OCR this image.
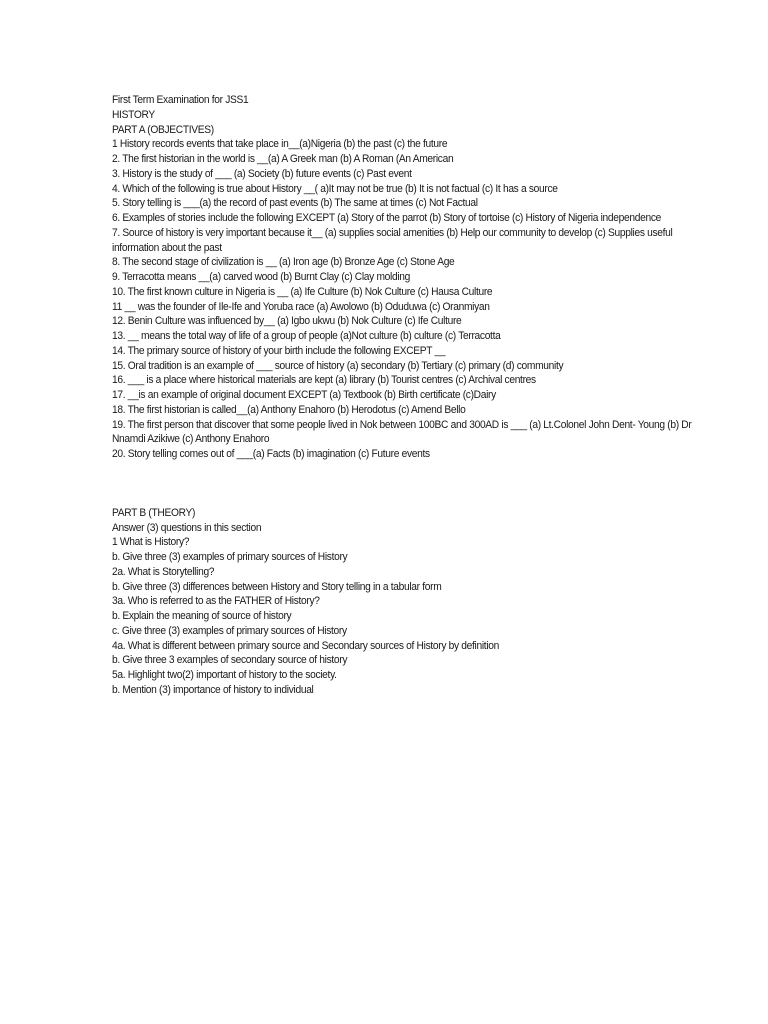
First Term Examination for JSS1
HISTORY
PART A (OBJECTIVES)
1 History records events that take place in__(a)Nigeria (b) the past (c) the future
2. The first historian in the world is __(a) A Greek man (b) A Roman (An American
3. History is the study of ___ (a) Society (b) future events (c) Past event
4. Which of the following is true about History __( a)It may not be true (b) It is not factual (c) It has a source
5. Story telling is ___(a) the record of past events (b) The same at times (c) Not Factual
6. Examples of stories include the following EXCEPT (a) Story of the parrot (b) Story of tortoise (c) History of Nigeria independence
7. Source of history is very important because it__ (a) supplies social amenities (b) Help our community to develop (c) Supplies useful information about the past
8. The second stage of civilization is __ (a) Iron age (b) Bronze Age (c) Stone Age
9. Terracotta means __(a) carved wood (b) Burnt Clay (c) Clay molding
10. The first known culture in Nigeria is __ (a) Ife Culture (b) Nok Culture (c) Hausa Culture
11 __ was the founder of Ile-Ife and Yoruba race (a) Awolowo (b) Oduduwa (c) Oranmiyan
12. Benin Culture was influenced by__ (a) Igbo ukwu (b) Nok Culture (c) Ife Culture
13. __ means the total way of life of a group of people (a)Not culture (b) culture (c) Terracotta
14. The primary source of history of your birth include the following EXCEPT __
15. Oral tradition is an example of ___ source of history (a) secondary (b) Tertiary (c) primary (d) community
16. ___ is a place where historical materials are kept (a) library (b) Tourist centres (c) Archival centres
17. __is an example of original document EXCEPT (a) Textbook (b) Birth certificate (c)Dairy
18. The first historian is called__(a) Anthony Enahoro (b) Herodotus (c) Amend Bello
19. The first person that discover that some people lived in Nok between 100BC and 300AD is ___ (a) Lt.Colonel John Dent- Young (b) Dr Nnamdi Azikiwe (c) Anthony Enahoro
20. Story telling comes out of ___(a) Facts (b) imagination (c) Future events
PART B (THEORY)
Answer (3) questions in this section
1 What is History?
b. Give three (3) examples of primary sources of History
2a. What is Storytelling?
b. Give three (3) differences between History and Story telling in a tabular form
3a. Who is referred to as the FATHER of History?
b. Explain the meaning of source of history
c. Give three (3) examples of primary sources of History
4a. What is different between primary source and Secondary sources of History by definition
b. Give three 3 examples of secondary source of history
5a. Highlight two(2) important of history to the society.
b. Mention (3) importance of history to individual
